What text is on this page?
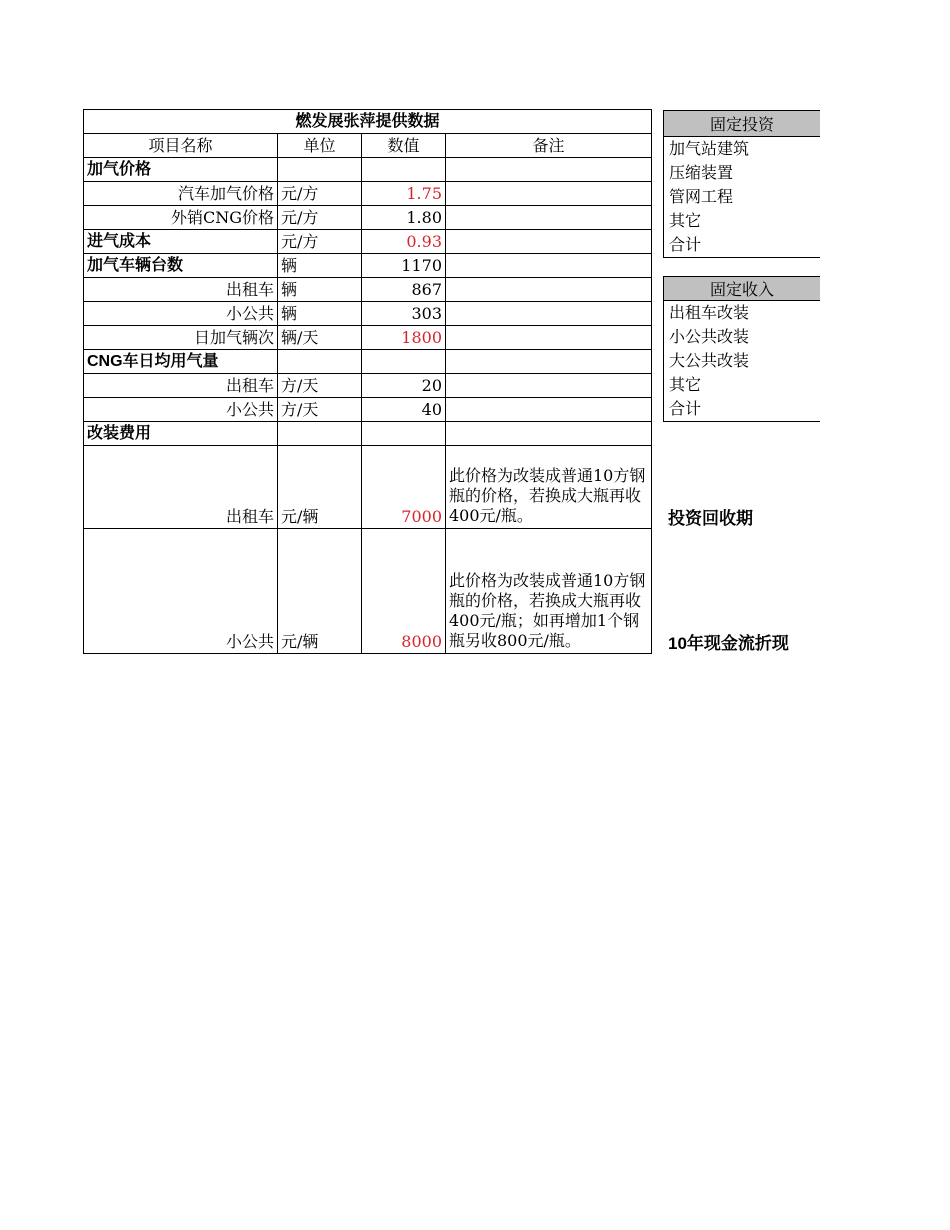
燃发展张萍提供数据			
项目名称	单位	数值	备注
加气价格			
汽车加气价格	元/方	1.75	
外销CNG价格	元/方	1.80	
进气成本	元/方	0.93	
加气车辆台数	辆	1170	
出租车	辆	867	
小公共	辆	303	
日加气辆次	辆/天	1800	
CNG车日均用气量			
出租车	方/天	20	
小公共	方/天	40	
改装费用			
出租车	元/辆	7000	此价格为改装成普通10方钢瓶的价格，若换成大瓶再收400元/瓶。
小公共	元/辆	8000	此价格为改装成普通10方钢瓶的价格，若换成大瓶再收400元/瓶；如再增加1个钢瓶另收800元/瓶。
固定投资
加气站建筑
压缩装置
管网工程
其它
合计
固定收入
出租车改装
小公共改装
大公共改装
其它
合计
投资回收期
10年现金流折现
